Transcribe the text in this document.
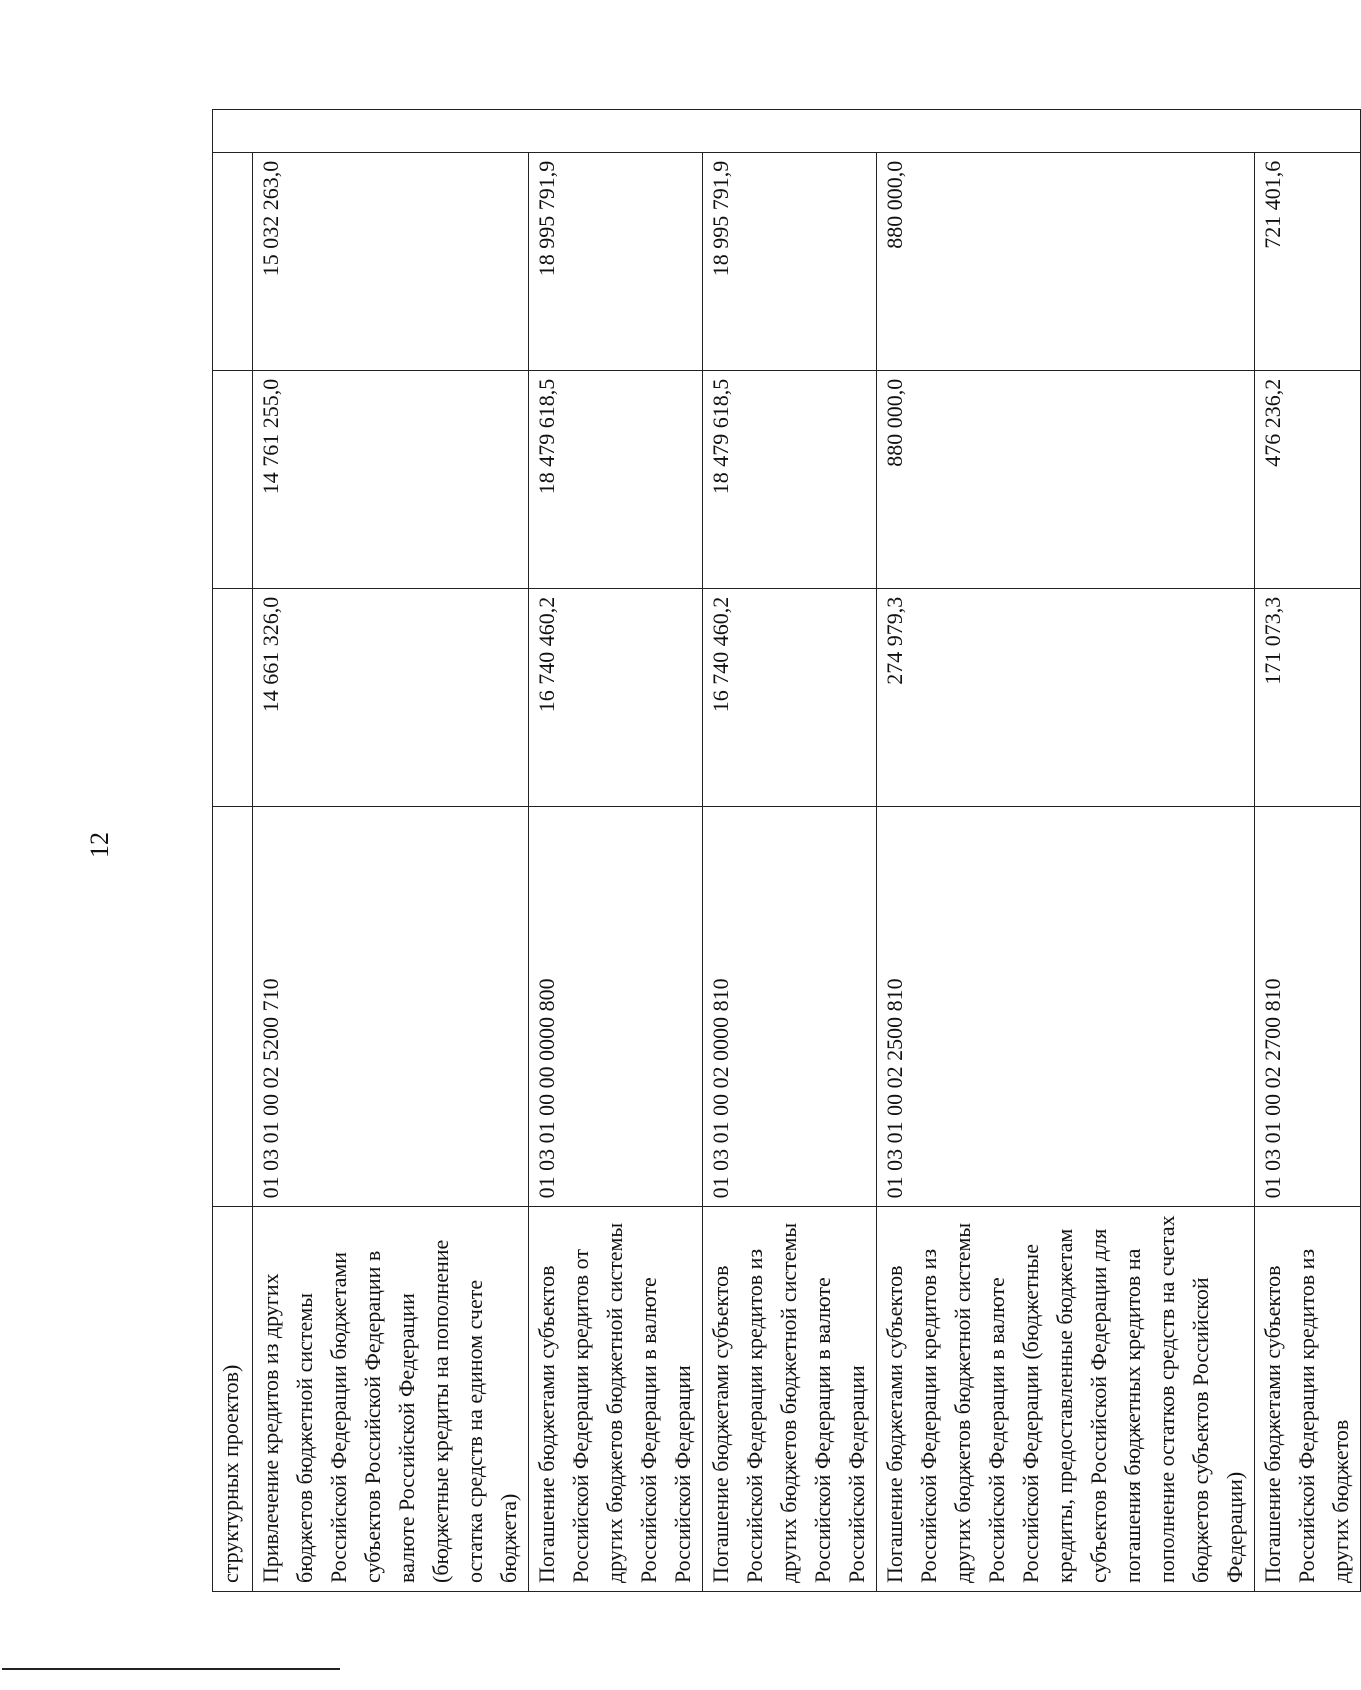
12
структурных проектов)					
Привлечение кредитов из других бюджетов бюджетной системы Российской Федерации бюджетами субъектов Российской Федерации в валюте Российской Федерации (бюджетные кредиты на пополнение остатка средств на едином счете бюджета)	01 03 01 00 02 5200 710	14 661 326,0	14 761 255,0	15 032 263,0	
Погашение бюджетами субъектов Российской Федерации кредитов от других бюджетов бюджетной системы Российской Федерации в валюте Российской Федерации	01 03 01 00 00 0000 800	16 740 460,2	18 479 618,5	18 995 791,9	
Погашение бюджетами субъектов Российской Федерации кредитов из других бюджетов бюджетной системы Российской Федерации в валюте Российской Федерации	01 03 01 00 02 0000 810	16 740 460,2	18 479 618,5	18 995 791,9	
Погашение бюджетами субъектов Российской Федерации кредитов из других бюджетов бюджетной системы Российской Федерации в валюте Российской Федерации (бюджетные кредиты, предоставленные бюджетам субъектов Российской Федерации для погашения бюджетных кредитов на пополнение остатков средств на счетах бюджетов субъектов Российской Федерации)	01 03 01 00 02 2500 810	274 979,3	880 000,0	880 000,0	
Погашение бюджетами субъектов Российской Федерации кредитов из других бюджетов	01 03 01 00 02 2700 810	171 073,3	476 236,2	721 401,6	
